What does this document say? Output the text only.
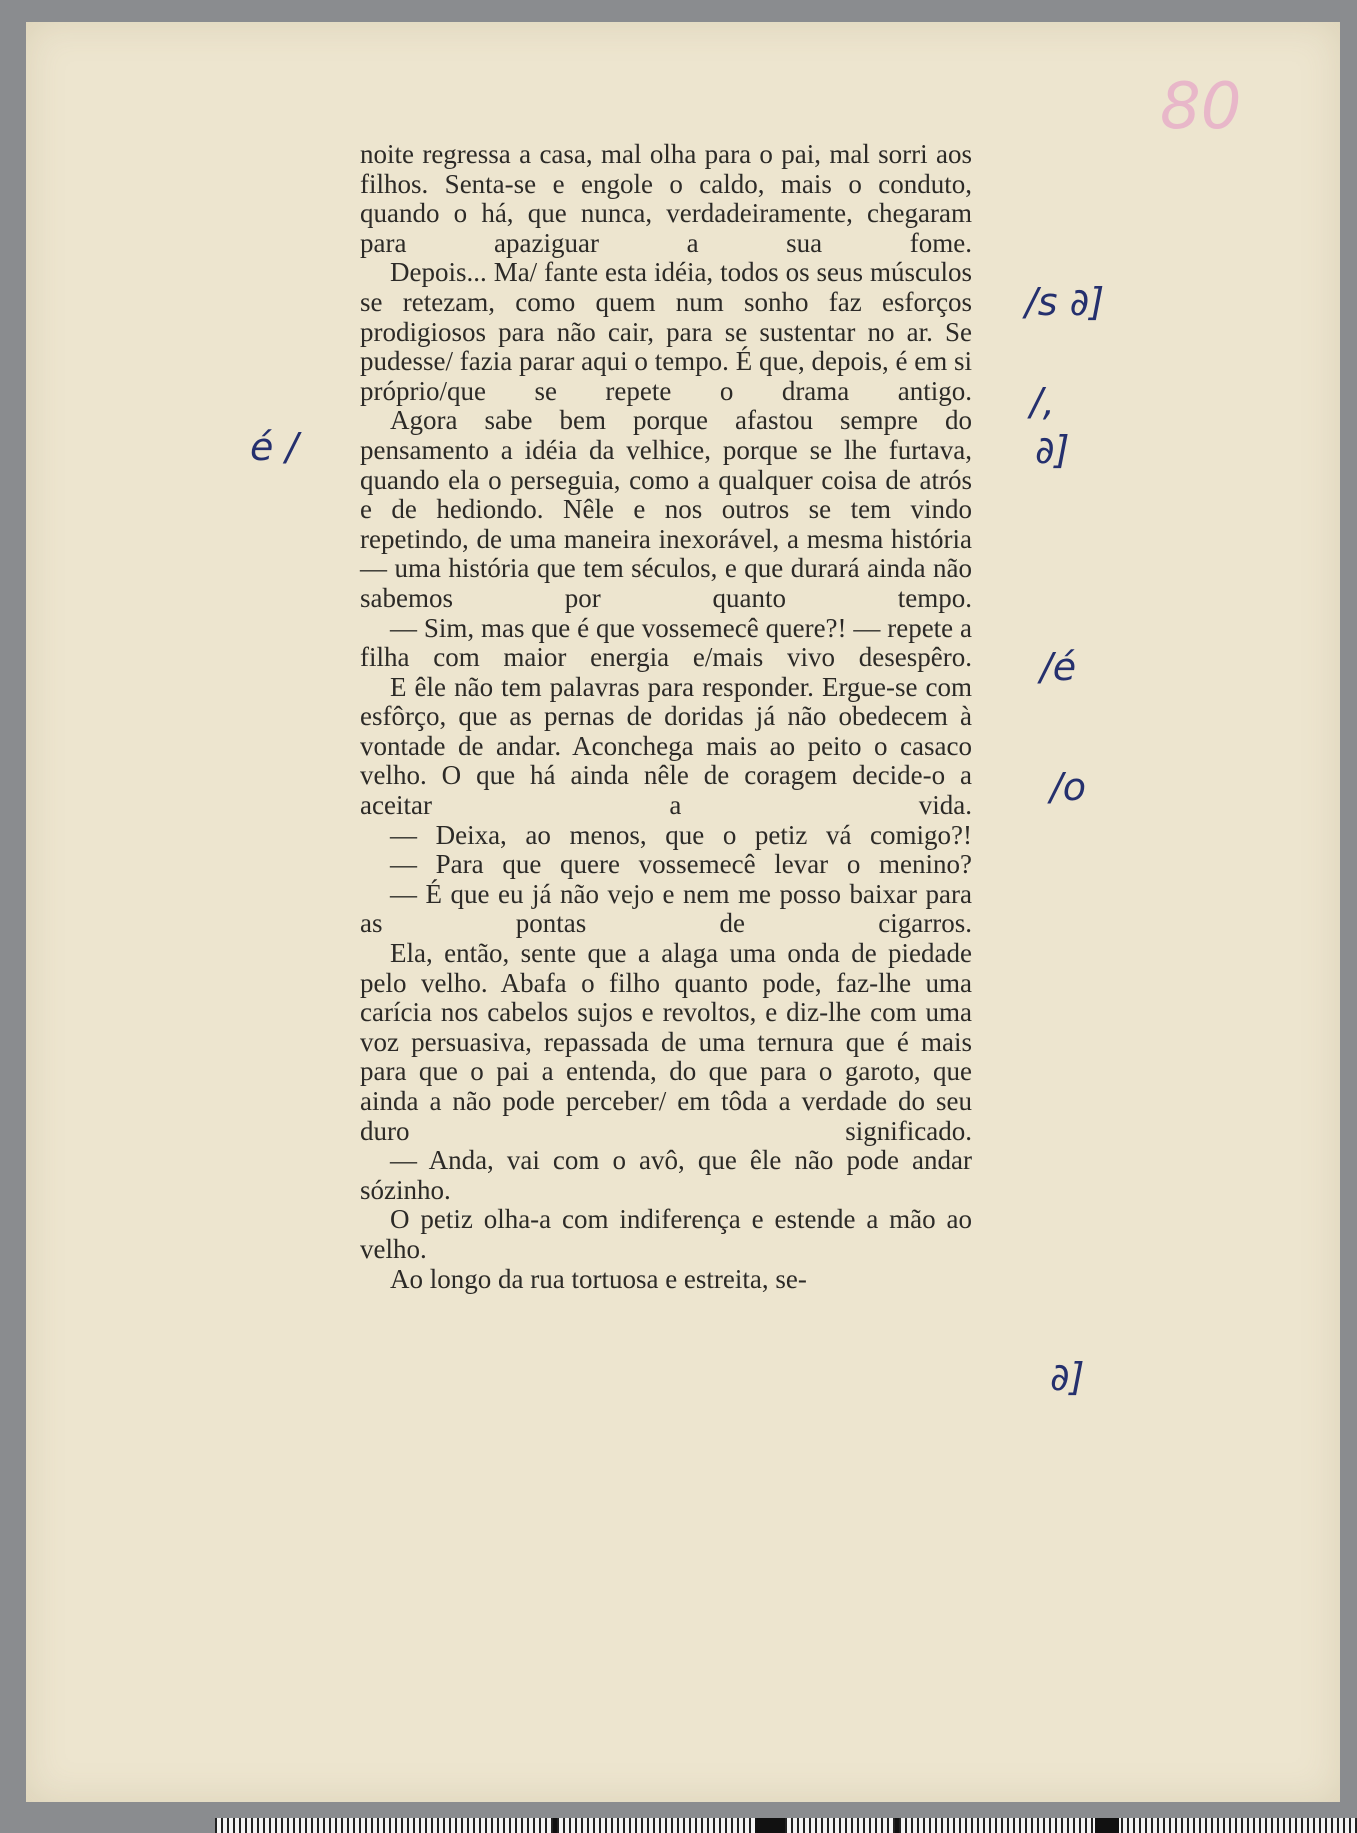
80

noite regressa a casa, mal olha para o pai, mal sorri aos filhos. Senta-se e engole o caldo, mais o conduto, quando o há, que nunca, verdadeiramente, chegaram para apaziguar a sua fome.

Depois... Ma/ fante esta idéia, todos os seus músculos se retezam, como quem num sonho faz esforços prodigiosos para não cair, para se sustentar no ar. Se pudesse/ fazia parar aqui o tempo. É que, depois, é em si próprio/que se repete o drama antigo.

Agora sabe bem porque afastou sempre do pensamento a idéia da velhice, porque se lhe furtava, quando ela o perseguia, como a qualquer coisa de atrós e de hediondo. Nêle e nos outros se tem vindo repetindo, de uma maneira inexorável, a mesma história — uma história que tem séculos, e que durará ainda não sabemos por quanto tempo.

— Sim, mas que é que vossemecê quere?! — repete a filha com maior energia e/mais vivo desespêro.

E êle não tem palavras para responder. Ergue-se com esfôrço, que as pernas de doridas já não obedecem à vontade de andar. Aconchega mais ao peito o casaco velho. O que há ainda nêle de coragem decide-o a aceitar a vida.

— Deixa, ao menos, que o petiz vá comigo?!

— Para que quere vossemecê levar o menino?

— É que eu já não vejo e nem me posso baixar para as pontas de cigarros.

Ela, então, sente que a alaga uma onda de piedade pelo velho. Abafa o filho quanto pode, faz-lhe uma carícia nos cabelos sujos e revoltos, e diz-lhe com uma voz persuasiva, repassada de uma ternura que é mais para que o pai a entenda, do que para o garoto, que ainda a não pode perceber/ em tôda a verdade do seu duro significado.

— Anda, vai com o avô, que êle não pode andar sózinho.

O petiz olha-a com indiferença e estende a mão ao velho.

Ao longo da rua tortuosa e estreita, se-

/s ∂]
/,
é /	∂]
/é
/o
∂]
